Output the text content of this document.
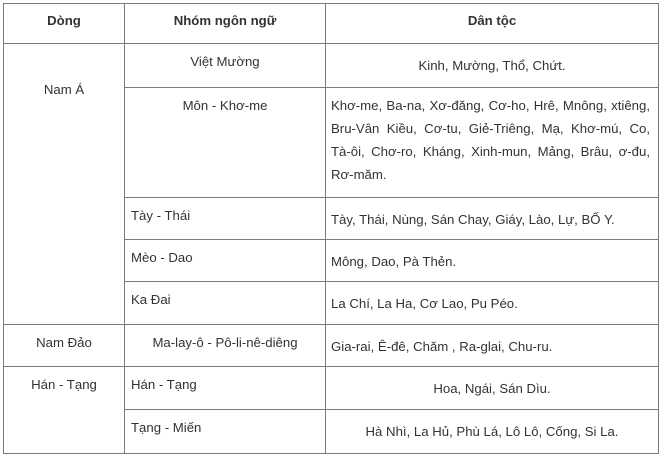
Dòng	Nhóm ngôn ngữ	Dân tộc
Nam Á	Việt Mường	Kinh, Mường, Thổ, Chứt.
	Môn - Khơ-me	Khơ-me, Ba-na, Xơ-đăng, Cơ-ho, Hrê, Mnông, xtiêng, Bru-Vân Kiều, Cơ-tu, Giẻ-Triêng, Mạ, Khơ-mú, Co, Tà-ôi, Chơ-ro, Kháng, Xinh-mun, Mảng, Brâu, ơ-đu, Rơ-măm.
	Tày - Thái	Tày, Thái, Nùng, Sán Chay, Giáy, Lào, Lự, BỐ Y.
	Mèo - Dao	Mông, Dao, Pà Thẻn.
	Ka Đai	La Chí, La Ha, Cơ Lao, Pu Péo.
Nam Đảo	Ma-lay-ô - Pô-li-nê-diêng	Gia-rai, Ê-đê, Chăm , Ra-glai, Chu-ru.
Hán - Tạng	Hán - Tạng	Hoa, Ngái, Sán Dìu.
	Tạng - Miến	Hà Nhì, La Hủ, Phù Lá, Lô Lô, Cống, Si La.
